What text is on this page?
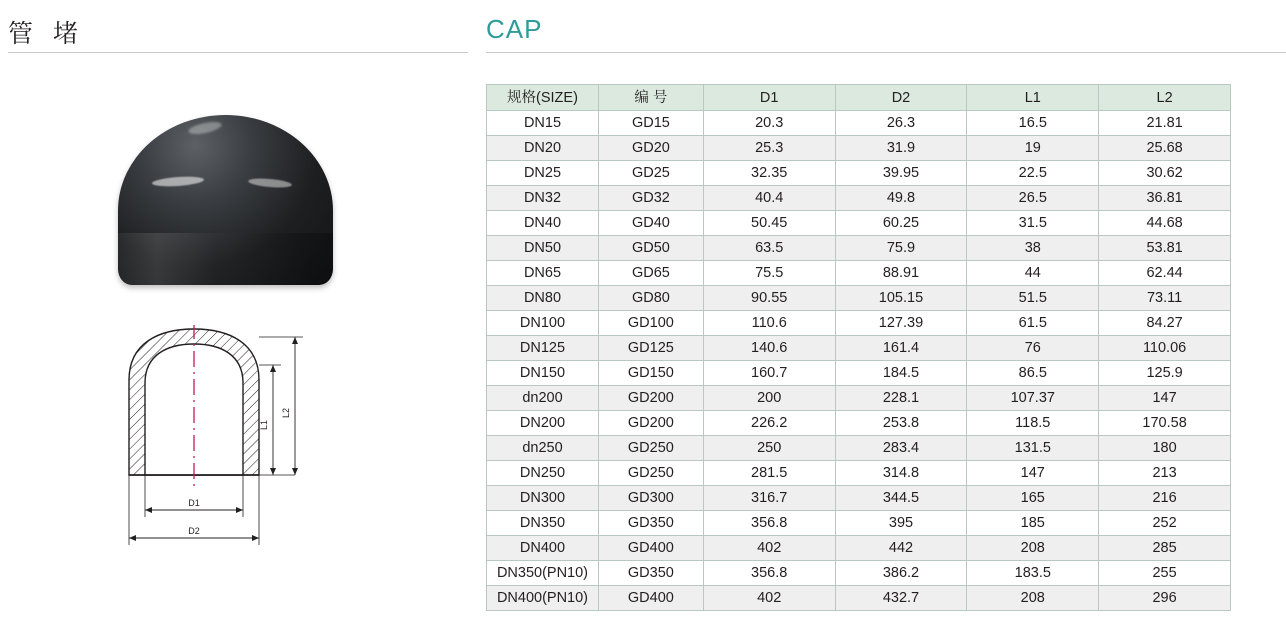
管 堵
L1
L2
D1
D2
CAP
规格(SIZE)	编 号	D1	D2	L1	L2
DN15	GD15	20.3	26.3	16.5	21.81
DN20	GD20	25.3	31.9	19	25.68
DN25	GD25	32.35	39.95	22.5	30.62
DN32	GD32	40.4	49.8	26.5	36.81
DN40	GD40	50.45	60.25	31.5	44.68
DN50	GD50	63.5	75.9	38	53.81
DN65	GD65	75.5	88.91	44	62.44
DN80	GD80	90.55	105.15	51.5	73.11
DN100	GD100	110.6	127.39	61.5	84.27
DN125	GD125	140.6	161.4	76	110.06
DN150	GD150	160.7	184.5	86.5	125.9
dn200	GD200	200	228.1	107.37	147
DN200	GD200	226.2	253.8	118.5	170.58
dn250	GD250	250	283.4	131.5	180
DN250	GD250	281.5	314.8	147	213
DN300	GD300	316.7	344.5	165	216
DN350	GD350	356.8	395	185	252
DN400	GD400	402	442	208	285
DN350(PN10)	GD350	356.8	386.2	183.5	255
DN400(PN10)	GD400	402	432.7	208	296
